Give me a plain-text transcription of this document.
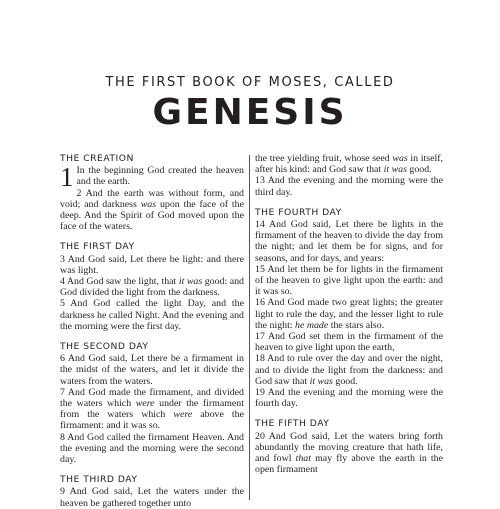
THE FIRST BOOK OF MOSES, CALLED
GENESIS
THE CREATION

1 In the beginning God created the heaven and the earth.

2 And the earth was without form, and void; and darkness was upon the face of the deep. And the Spirit of God moved upon the face of the waters.

THE FIRST DAY

3 And God said, Let there be light: and there was light.

4 And God saw the light, that it was good: and God divided the light from the darkness.

5 And God called the light Day, and the darkness he called Night. And the evening and the morning were the first day.

THE SECOND DAY

6 And God said, Let there be a firmament in the midst of the waters, and let it divide the waters from the waters.

7 And God made the firmament, and divided the waters which were under the firmament from the waters which were above the firmament: and it was so.

8 And God called the firmament Heaven. And the evening and the morning were the second day.

THE THIRD DAY

9 And God said, Let the waters under the heaven be gathered together unto

the tree yielding fruit, whose seed was in itself, after his kind: and God saw that it was good.

13 And the evening and the morning were the third day.

THE FOURTH DAY

14 And God said, Let there be lights in the firmament of the heaven to divide the day from the night; and let them be for signs, and for seasons, and for days, and years:

15 And let them be for lights in the firmament of the heaven to give light upon the earth: and it was so.

16 And God made two great lights; the greater light to rule the day, and the lesser light to rule the night: he made the stars also.

17 And God set them in the firmament of the heaven to give light upon the earth,

18 And to rule over the day and over the night, and to divide the light from the darkness: and God saw that it was good.

19 And the evening and the morning were the fourth day.

THE FIFTH DAY

20 And God said, Let the waters bring forth abundantly the moving creature that hath life, and fowl that may fly above the earth in the open firmament
